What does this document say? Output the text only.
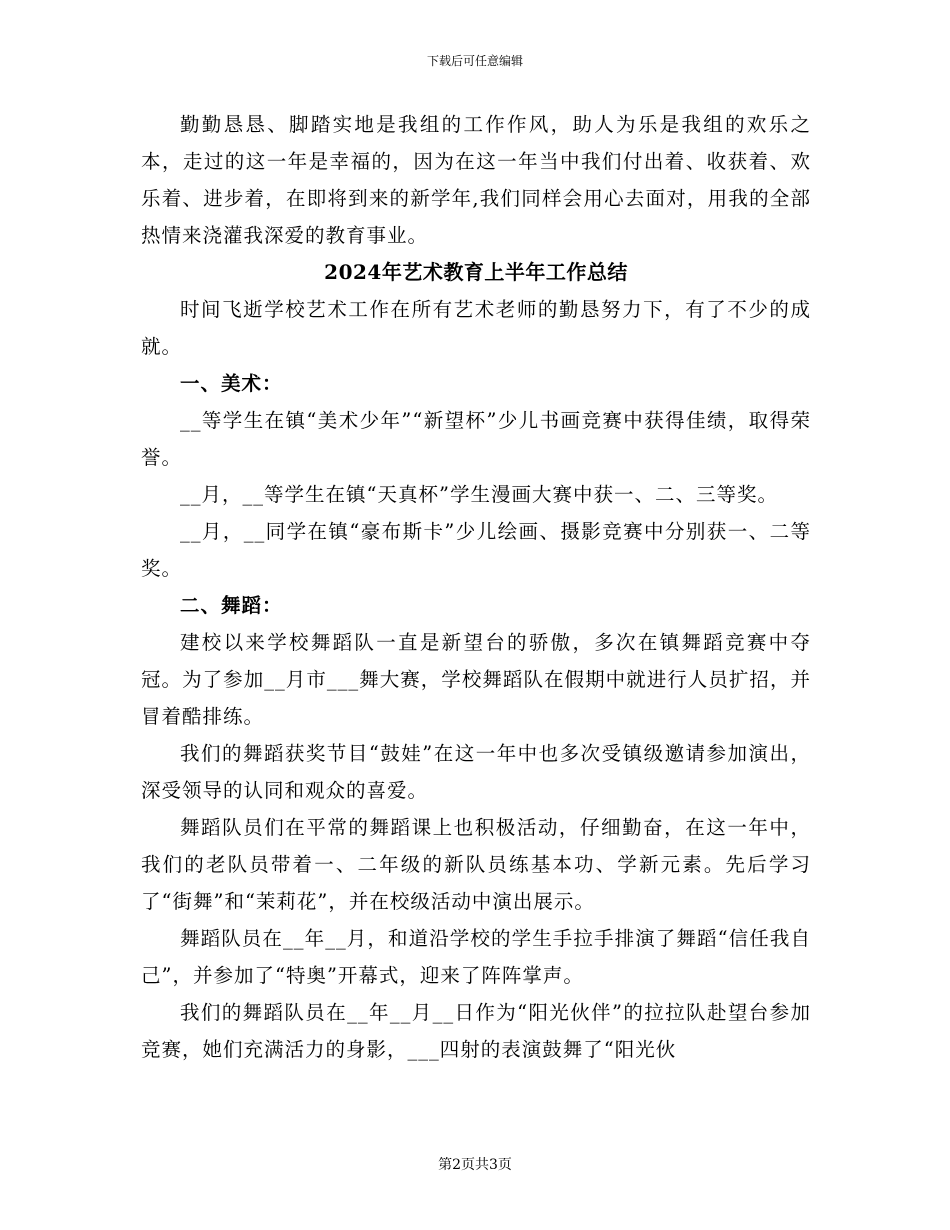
下载后可任意编辑

勤勤恳恳、脚踏实地是我组的工作作风，助人为乐是我组的欢乐之本，走过的这一年是幸福的，因为在这一年当中我们付出着、收获着、欢乐着、进步着，在即将到来的新学年,我们同样会用心去面对，用我的全部热情来浇灌我深爱的教育事业。

2024年艺术教育上半年工作总结

时间飞逝学校艺术工作在所有艺术老师的勤恳努力下，有了不少的成就。

一、美术：

__等学生在镇“美术少年”“新望杯”少儿书画竞赛中获得佳绩，取得荣誉。

__月，__等学生在镇“天真杯”学生漫画大赛中获一、二、三等奖。

__月，__同学在镇“豪布斯卡”少儿绘画、摄影竞赛中分别获一、二等奖。

二、舞蹈：

建校以来学校舞蹈队一直是新望台的骄傲，多次在镇舞蹈竞赛中夺冠。为了参加__月市___舞大赛，学校舞蹈队在假期中就进行人员扩招，并冒着酷排练。

我们的舞蹈获奖节目“鼓娃”在这一年中也多次受镇级邀请参加演出，深受领导的认同和观众的喜爱。

舞蹈队员们在平常的舞蹈课上也积极活动，仔细勤奋，在这一年中，我们的老队员带着一、二年级的新队员练基本功、学新元素。先后学习了“街舞”和“茉莉花”，并在校级活动中演出展示。

舞蹈队员在__年__月，和道沿学校的学生手拉手排演了舞蹈“信任我自己”，并参加了“特奥”开幕式，迎来了阵阵掌声。

我们的舞蹈队员在__年__月__日作为“阳光伙伴”的拉拉队赴望台参加竞赛，她们充满活力的身影，___四射的表演鼓舞了“阳光伙

第2页共3页
